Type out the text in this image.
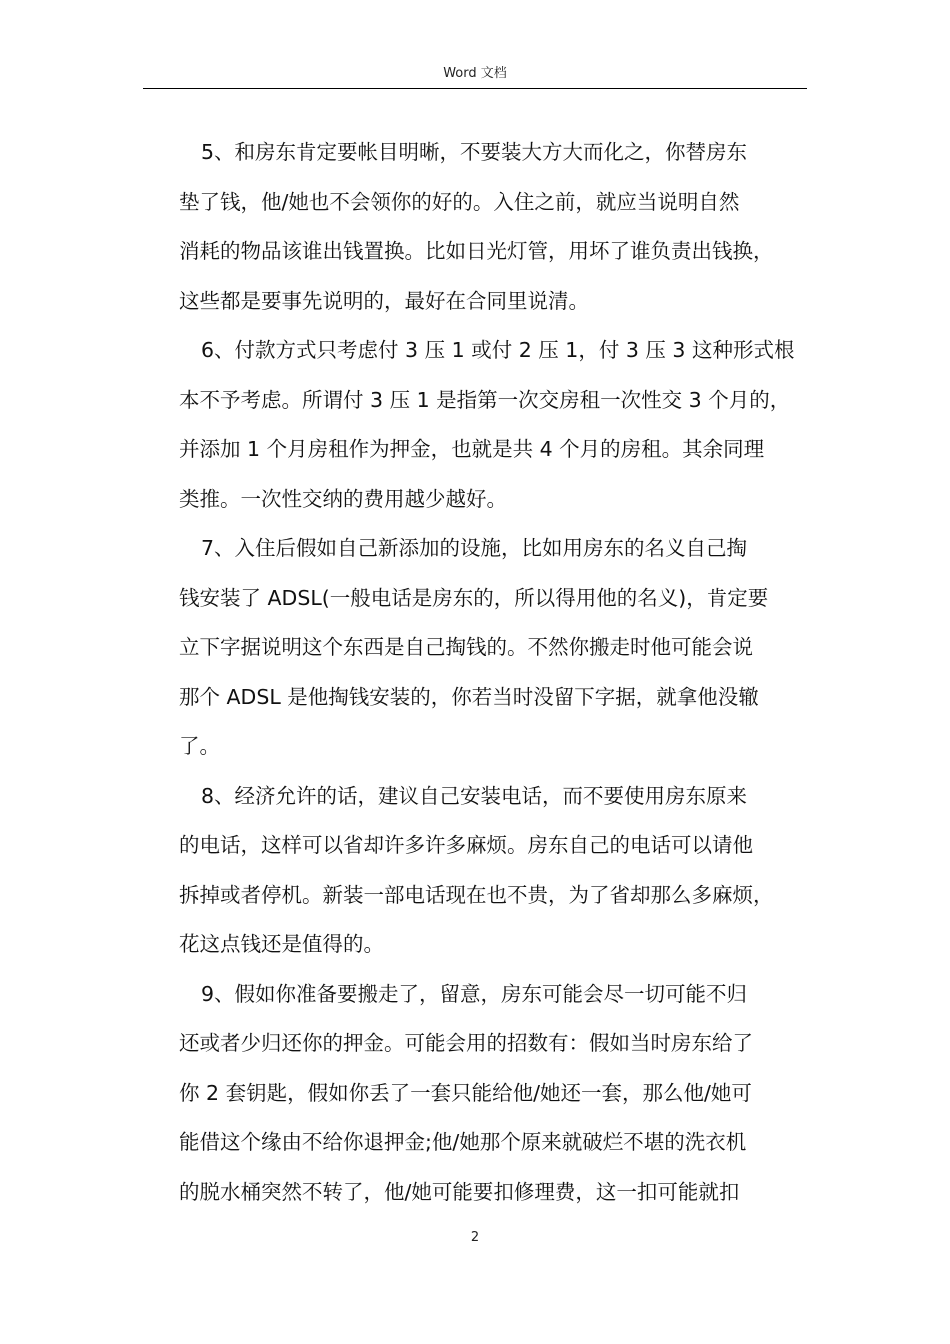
Word 文档
5、和房东肯定要帐目明晰，不要装大方大而化之，你替房东
垫了钱，他/她也不会领你的好的。入住之前，就应当说明自然
消耗的物品该谁出钱置换。比如日光灯管，用坏了谁负责出钱换，
这些都是要事先说明的，最好在合同里说清。
6、付款方式只考虑付 3 压 1 或付 2 压 1，付 3 压 3 这种形式根
本不予考虑。所谓付 3 压 1 是指第一次交房租一次性交 3 个月的，
并添加 1 个月房租作为押金，也就是共 4 个月的房租。其余同理
类推。一次性交纳的费用越少越好。
7、入住后假如自己新添加的设施，比如用房东的名义自己掏
钱安装了 ADSL(一般电话是房东的，所以得用他的名义)，肯定要
立下字据说明这个东西是自己掏钱的。不然你搬走时他可能会说
那个 ADSL 是他掏钱安装的，你若当时没留下字据，就拿他没辙
了。
8、经济允许的话，建议自己安装电话，而不要使用房东原来
的电话，这样可以省却许多许多麻烦。房东自己的电话可以请他
拆掉或者停机。新装一部电话现在也不贵，为了省却那么多麻烦，
花这点钱还是值得的。
9、假如你准备要搬走了，留意，房东可能会尽一切可能不归
还或者少归还你的押金。可能会用的招数有：假如当时房东给了
你 2 套钥匙，假如你丢了一套只能给他/她还一套，那么他/她可
能借这个缘由不给你退押金;他/她那个原来就破烂不堪的洗衣机
的脱水桶突然不转了，他/她可能要扣修理费，这一扣可能就扣
2
